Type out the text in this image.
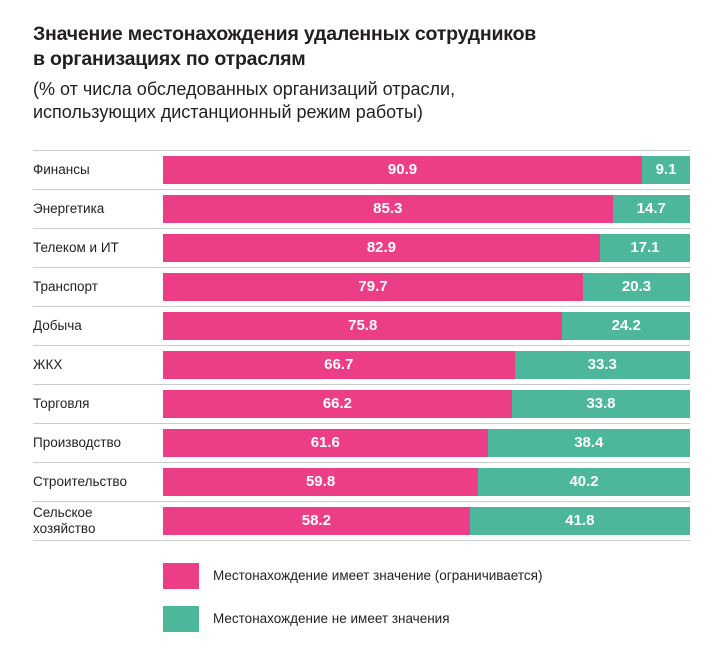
Значение местонахождения удаленных сотрудников
в организациях по отраслям
(% от числа обследованных организаций отрасли,
использующих дистанционный режим работы)
Финансы	90.9	9.1
Энергетика	85.3	14.7
Телеком и ИТ	82.9	17.1
Транспорт	79.7	20.3
Добыча	75.8	24.2
ЖКХ	66.7	33.3
Торговля	66.2	33.8
Производство	61.6	38.4
Строительство	59.8	40.2
Сельское
хозяйство	58.2	41.8
Местонахождение имеет значение (ограничивается)
Местонахождение не имеет значения
